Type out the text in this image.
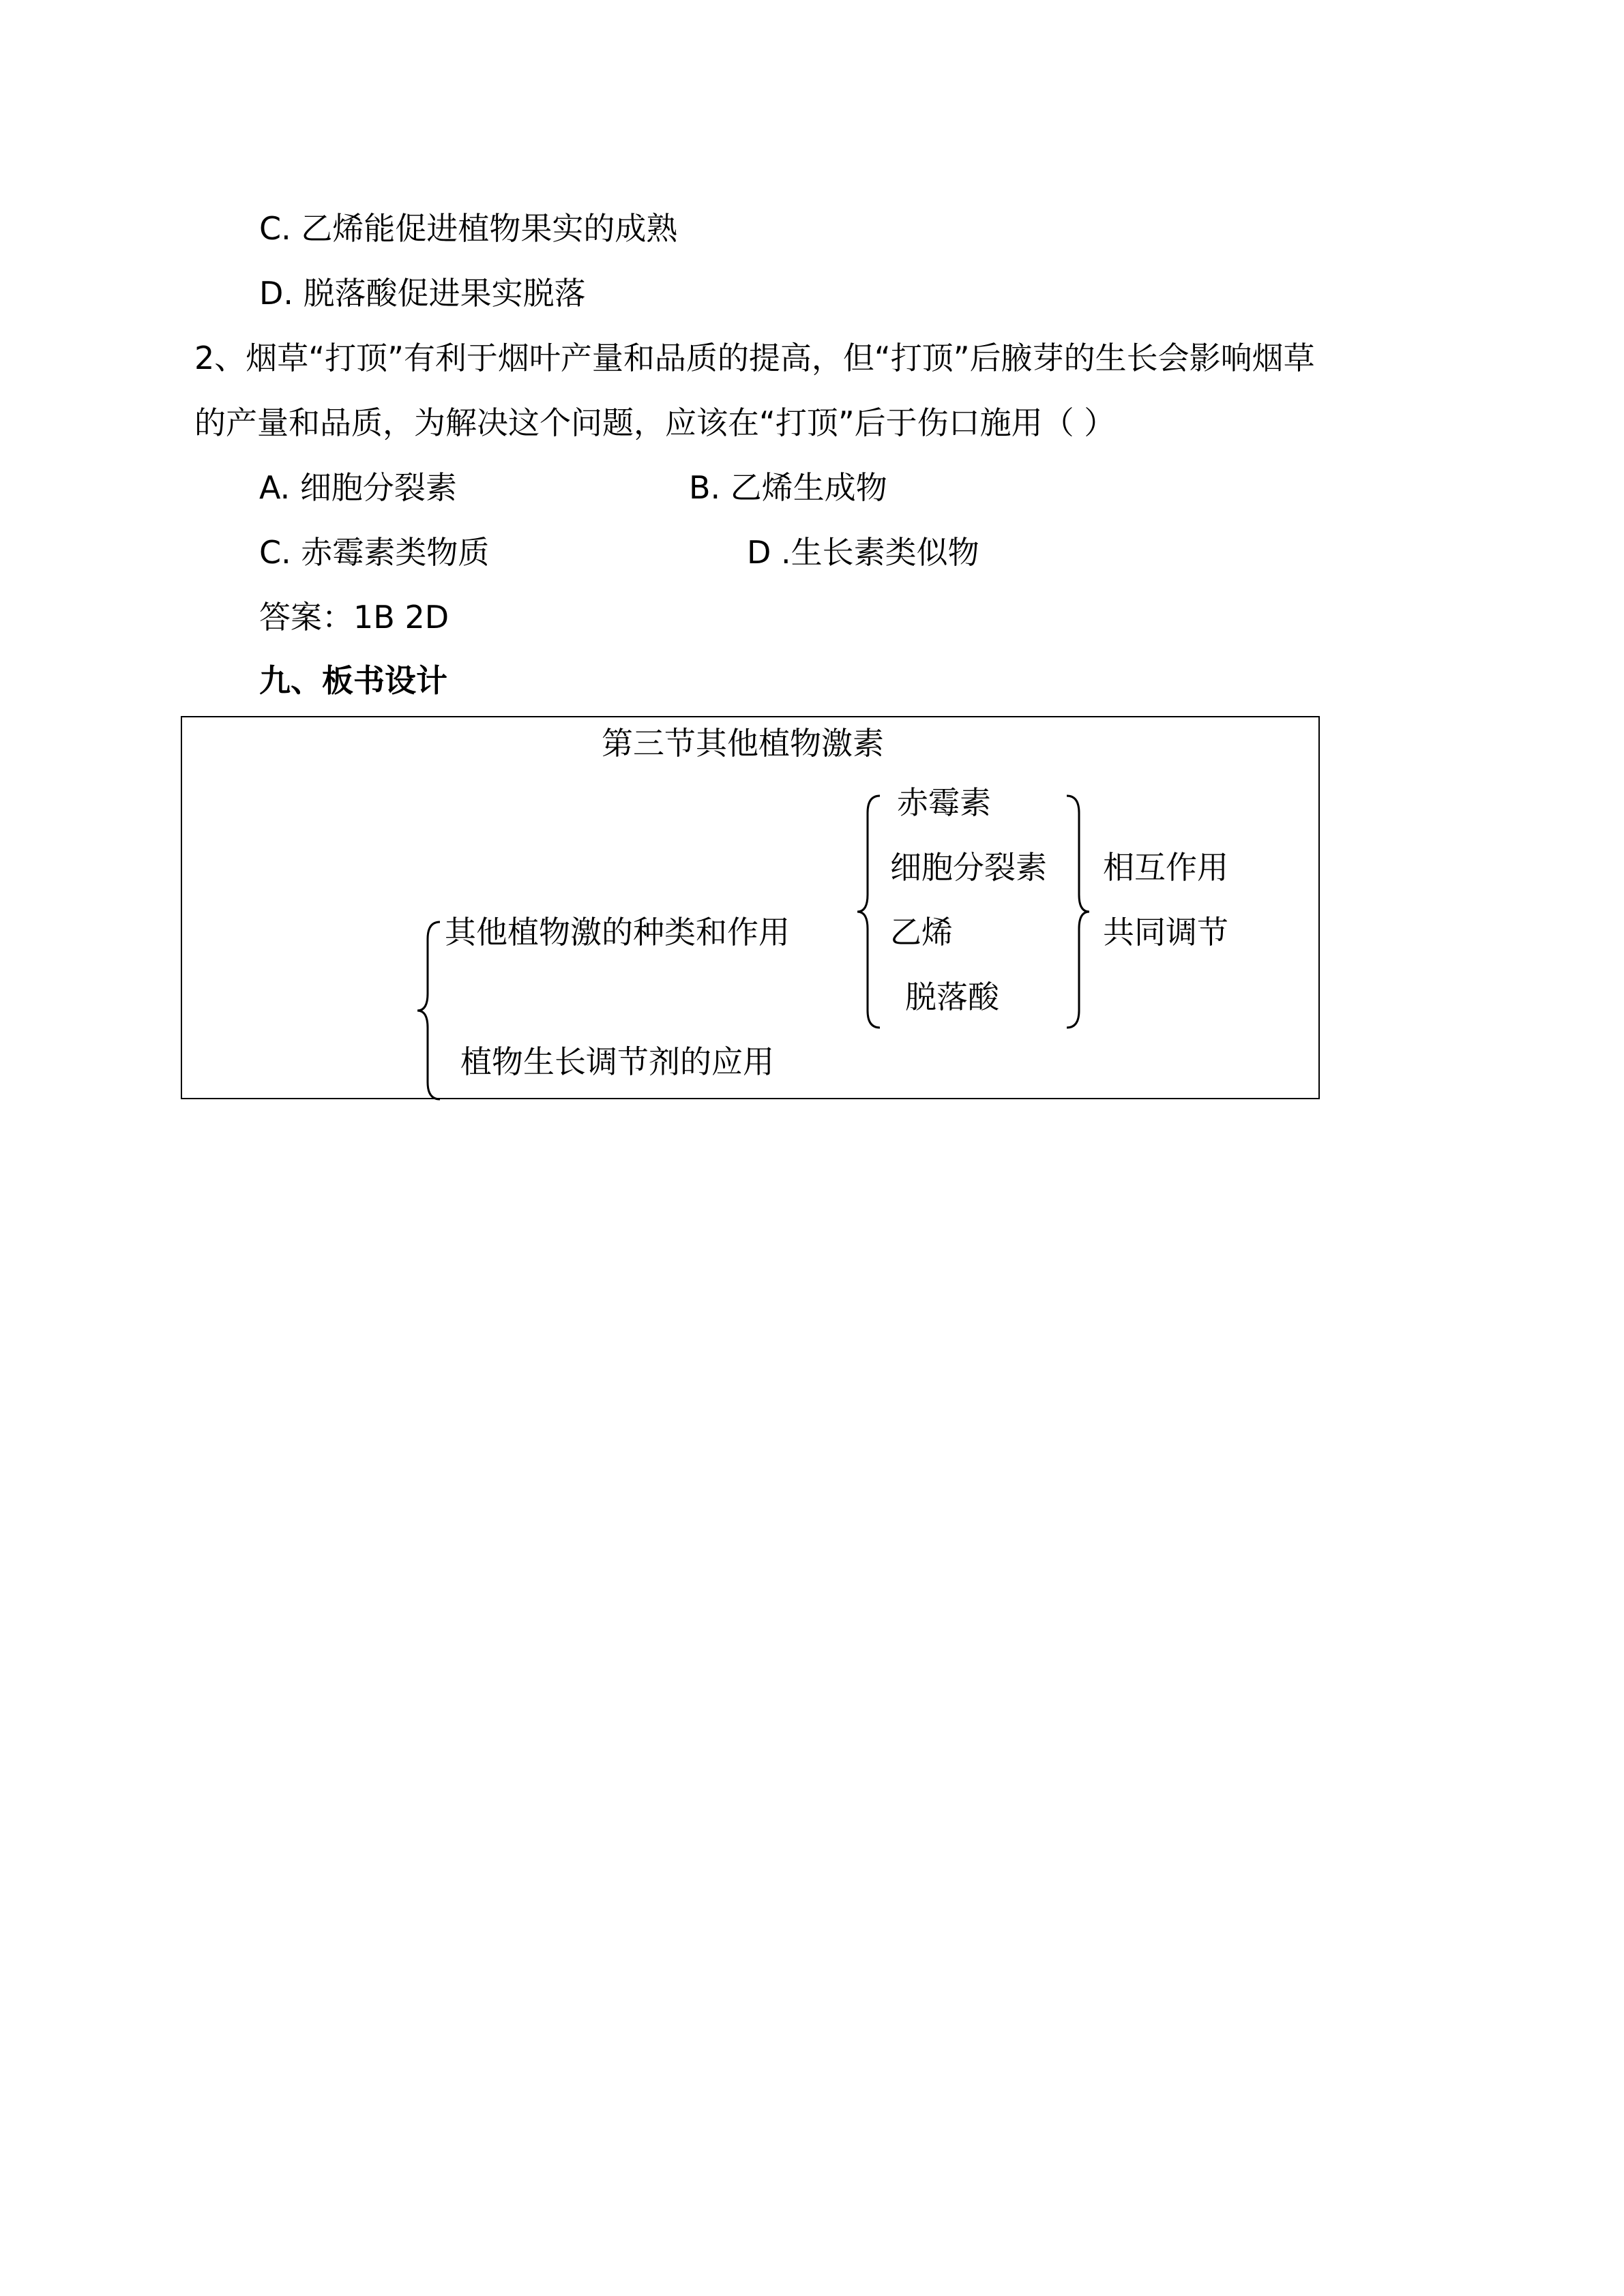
C. 乙烯能促进植物果实的成熟
D. 脱落酸促进果实脱落
2、烟草“打顶”有利于烟叶产量和品质的提高，但“打顶”后腋芽的生长会影响烟草
的产量和品质，为解决这个问题，应该在“打顶”后于伤口施用（ ）
A. 细胞分裂素	B. 乙烯生成物
C. 赤霉素类物质	D .生长素类似物
答案：1B 2D
九、板书设计
第三节其他植物激素
其他植物激的种类和作用
植物生长调节剂的应用
赤霉素
细胞分裂素
乙烯
脱落酸
相互作用
共同调节
